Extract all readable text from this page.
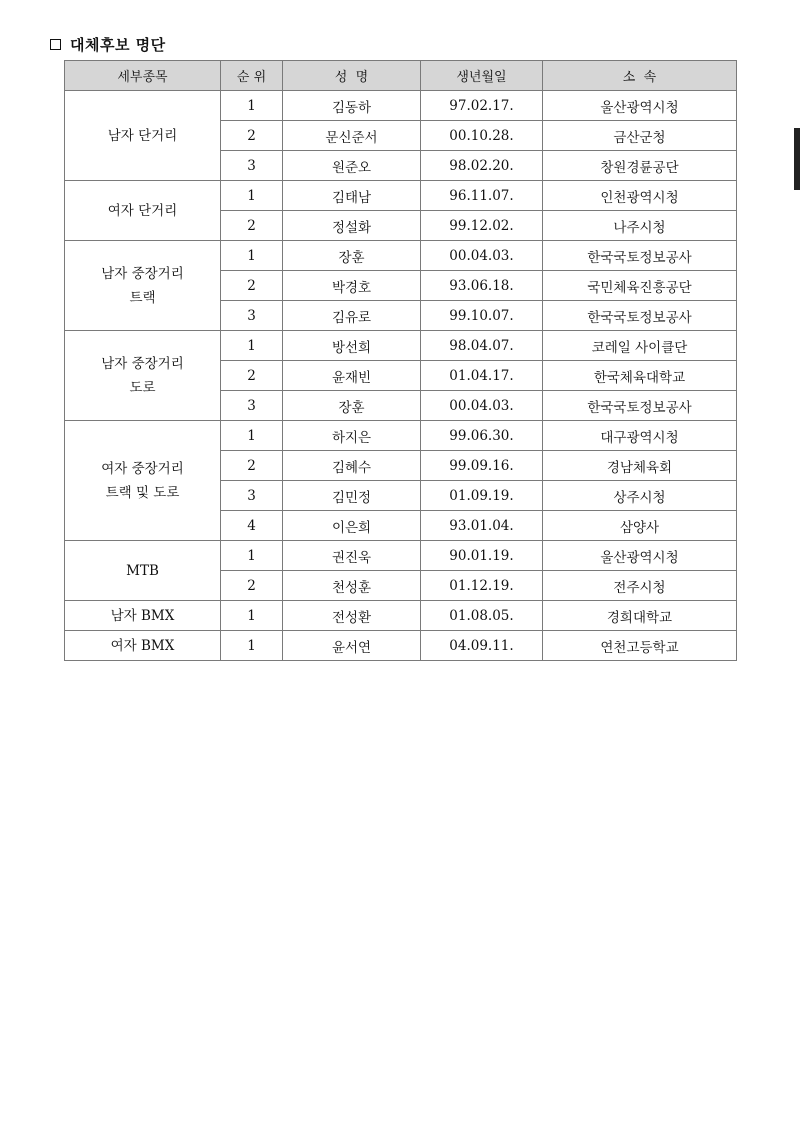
대체후보 명단
세부종목	순 위	성  명	생년월일	소  속

남자 단거리	1	김동하	97.02.17.	울산광역시청
	2	문신준서	00.10.28.	금산군청
	3	원준오	98.02.20.	창원경륜공단

여자 단거리	1	김태남	96.11.07.	인천광역시청
	2	정설화	99.12.02.	나주시청

남자 중장거리
트랙	1	장훈	00.04.03.	한국국토정보공사
	2	박경호	93.06.18.	국민체육진흥공단
	3	김유로	99.10.07.	한국국토정보공사

남자 중장거리
도로	1	방선희	98.04.07.	코레일 사이클단
	2	윤재빈	01.04.17.	한국체육대학교
	3	장훈	00.04.03.	한국국토정보공사

여자 중장거리
트랙 및 도로	1	하지은	99.06.30.	대구광역시청
	2	김혜수	99.09.16.	경남체육회
	3	김민정	01.09.19.	상주시청
	4	이은희	93.01.04.	삼양사

MTB	1	권진욱	90.01.19.	울산광역시청
	2	천성훈	01.12.19.	전주시청

남자 BMX	1	전성환	01.08.05.	경희대학교

여자 BMX	1	윤서연	04.09.11.	연천고등학교
